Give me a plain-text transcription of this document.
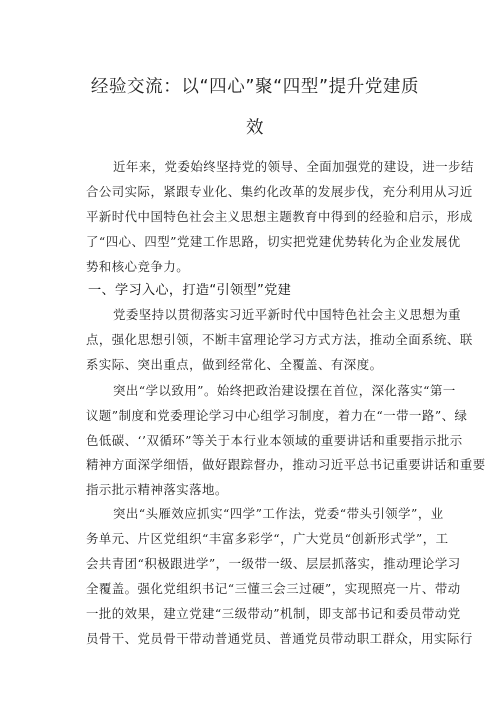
经验交流：以“四心”聚“四型”提升党建质
效
近年来，党委始终坚持党的领导、全面加强党的建设，进一步结
合公司实际，紧跟专业化、集约化改革的发展步伐，充分利用从习近
平新时代中国特色社会主义思想主题教育中得到的经验和启示，形成
了“四心、四型”党建工作思路，切实把党建优势转化为企业发展优
势和核心竞争力。
一、学习入心，打造“引领型”党建
党委坚持以贯彻落实习近平新时代中国特色社会主义思想为重
点，强化思想引领，不断丰富理论学习方式方法，推动全面系统、联
系实际、突出重点，做到经常化、全覆盖、有深度。
突出“学以致用”。始终把政治建设摆在首位，深化落实“第一
议题”制度和党委理论学习中心组学习制度，着力在“一带一路”、绿
色低碳、‘’双循环”等关于本行业本领域的重要讲话和重要指示批示
精神方面深学细悟，做好跟踪督办，推动习近平总书记重要讲话和重要
指示批示精神落实落地。
突出“头雁效应抓实“四学”工作法，党委“带头引领学”，业
务单元、片区党组织“丰富多彩学“，广大党员“创新形式学”，工
会共青团“积极跟进学”，一级带一级、层层抓落实，推动理论学习
全覆盖。强化党组织书记“三懂三会三过硬”，实现照亮一片、带动
一批的效果，建立党建“三级带动”机制，即支部书记和委员带动党
员骨干、党员骨干带动普通党员、普通党员带动职工群众，用实际行
